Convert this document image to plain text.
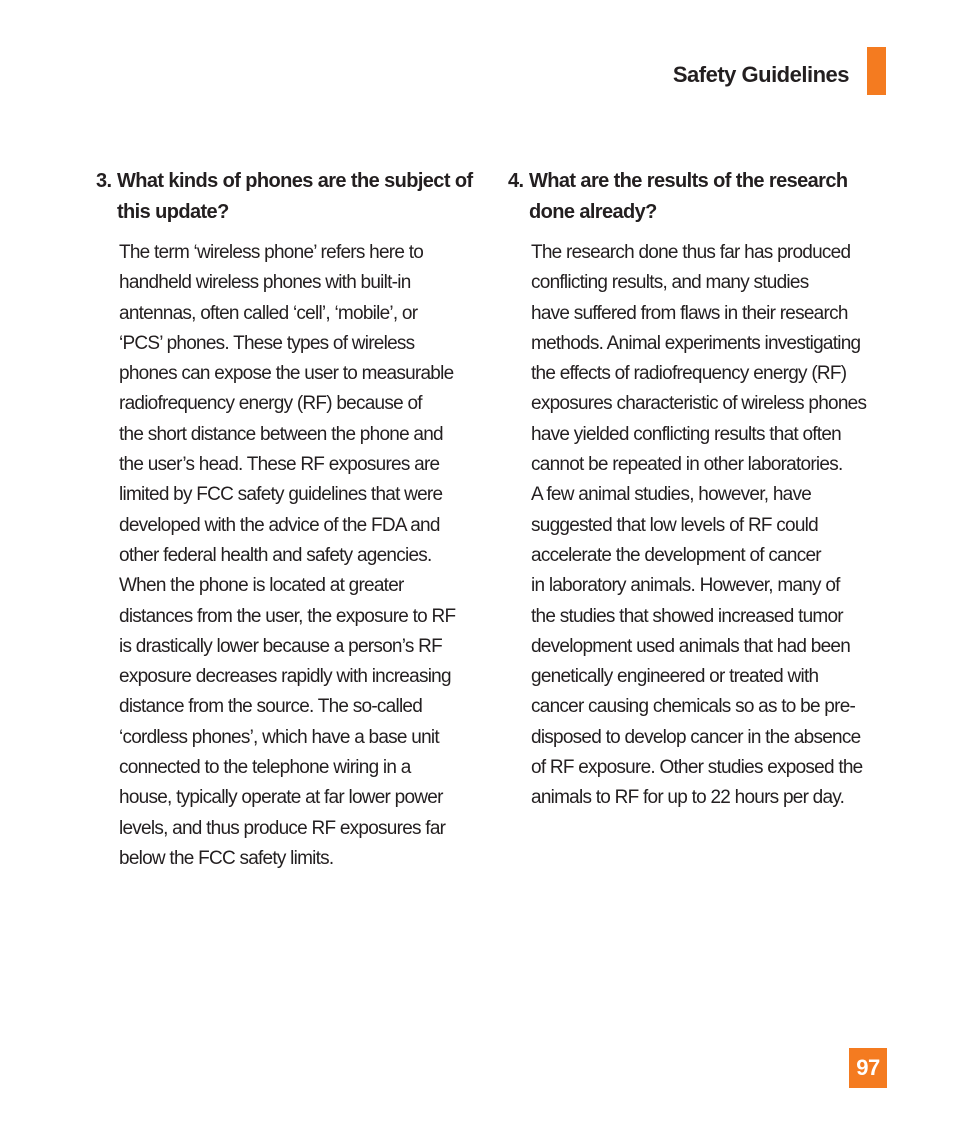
Safety Guidelines
3. What kinds of phones are the subject of
this update?
The term ‘wireless phone’ refers here to
handheld wireless phones with built-in
antennas, often called ‘cell’, ‘mobile’, or
‘PCS’ phones. These types of wireless
phones can expose the user to measurable
radiofrequency energy (RF) because of
the short distance between the phone and
the user’s head. These RF exposures are
limited by FCC safety guidelines that were
developed with the advice of the FDA and
other federal health and safety agencies.
When the phone is located at greater
distances from the user, the exposure to RF
is drastically lower because a person’s RF
exposure decreases rapidly with increasing
distance from the source. The so-called
‘cordless phones’, which have a base unit
connected to the telephone wiring in a
house, typically operate at far lower power
levels, and thus produce RF exposures far
below the FCC safety limits.
4. What are the results of the research
done already?
The research done thus far has produced
conflicting results, and many studies
have suffered from flaws in their research
methods. Animal experiments investigating
the effects of radiofrequency energy (RF)
exposures characteristic of wireless phones
have yielded conflicting results that often
cannot be repeated in other laboratories.
A few animal studies, however, have
suggested that low levels of RF could
accelerate the development of cancer
in laboratory animals. However, many of
the studies that showed increased tumor
development used animals that had been
genetically engineered or treated with
cancer causing chemicals so as to be pre-
disposed to develop cancer in the absence
of RF exposure. Other studies exposed the
animals to RF for up to 22 hours per day.
97
